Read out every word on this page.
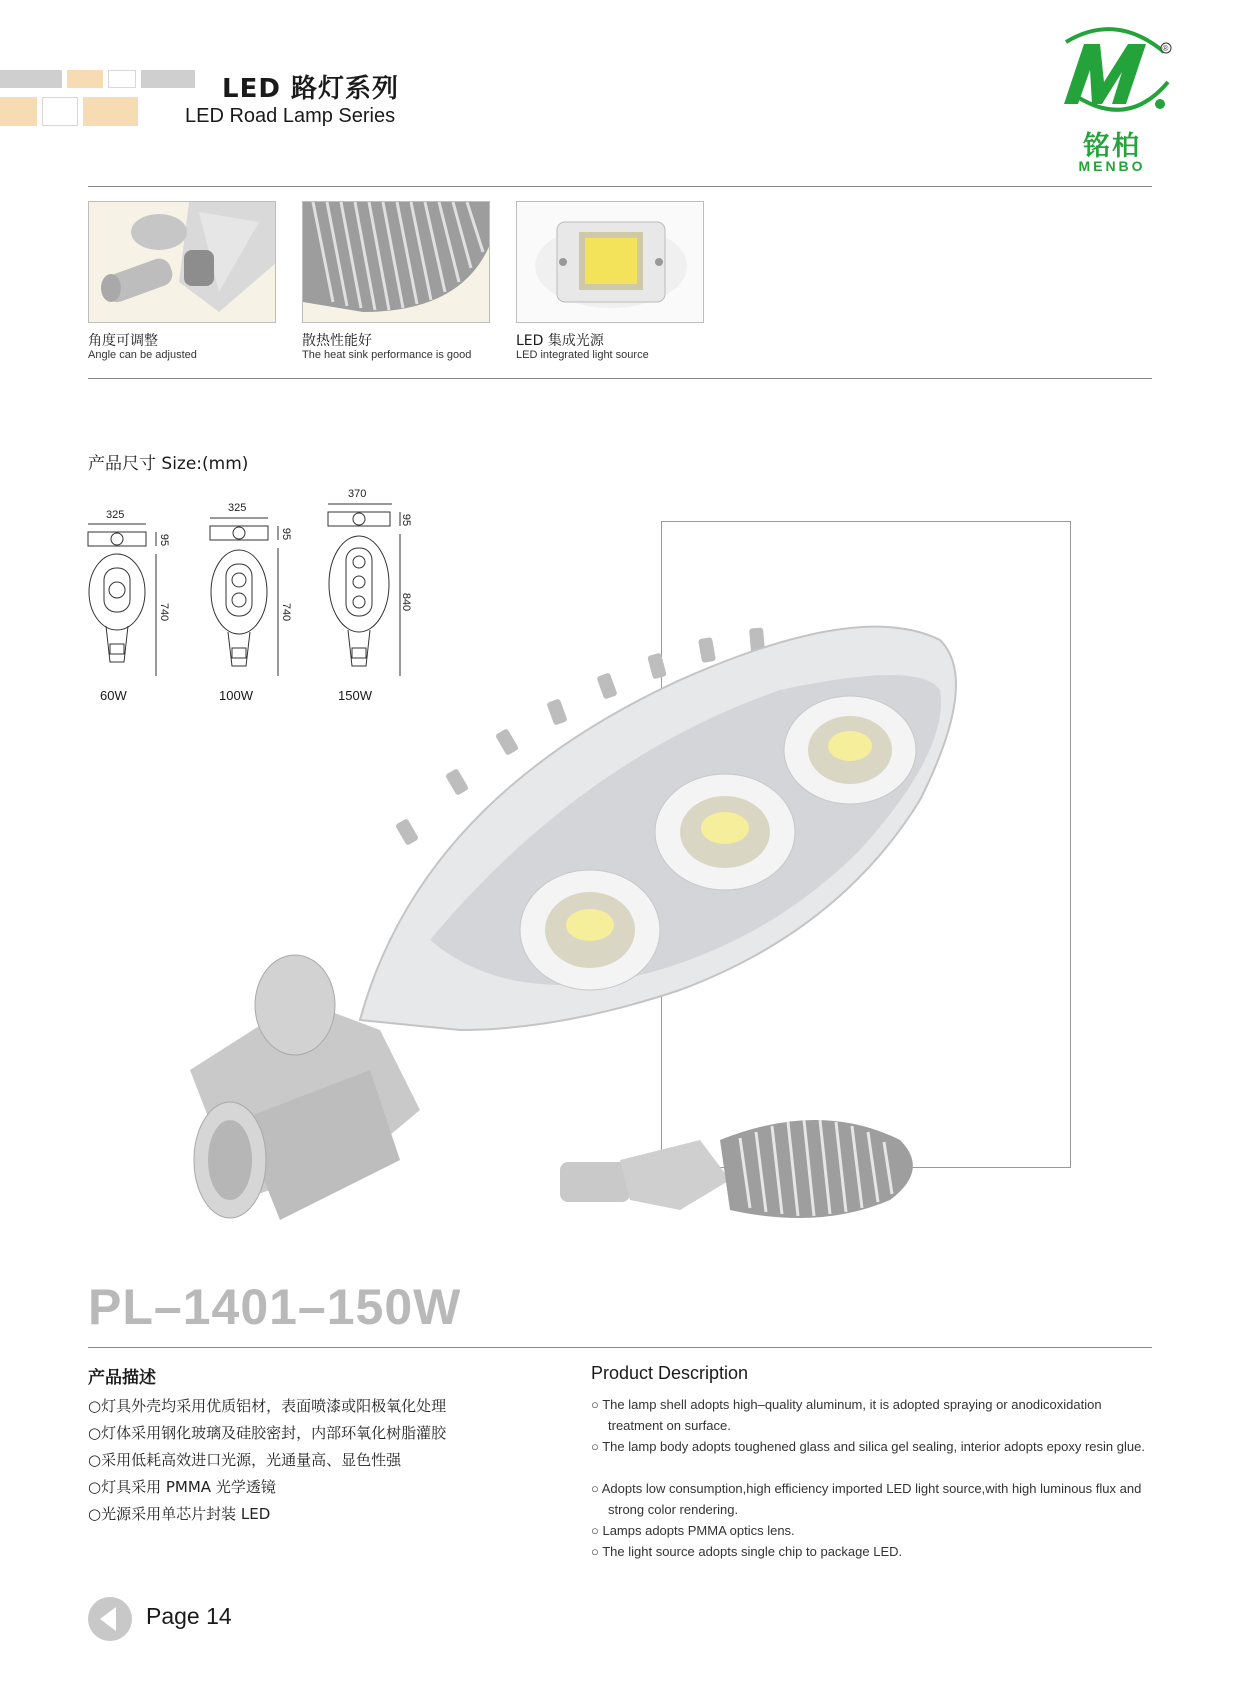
LED 路灯系列
LED Road Lamp Series
®
铭柏
MENBO
角度可调整
Angle can be adjusted
散热性能好
The heat sink performance is good
LED 集成光源
LED integrated light source
产品尺寸 Size:(mm)
325
95
740
60W
325
95
740
100W
370
95
840
150W
PL–1401–150W
产品描述
○灯具外壳均采用优质铝材，表面喷漆或阳极氧化处理
○灯体采用钢化玻璃及硅胶密封，内部环氧化树脂灌胶
○采用低耗高效进口光源，光通量高、显色性强
○灯具采用 PMMA 光学透镜
○光源采用单芯片封装 LED
Product Description
○ The lamp shell adopts high–quality aluminum, it is adopted spraying or anodicoxidation treatment on surface.
○ The lamp body adopts toughened glass and silica gel sealing, interior adopts epoxy resin glue.
○ Adopts low consumption,high efficiency imported LED light source,with high luminous flux and strong color rendering.
○ Lamps adopts PMMA optics lens.
○ The light source adopts single chip to package LED.
Page 14
